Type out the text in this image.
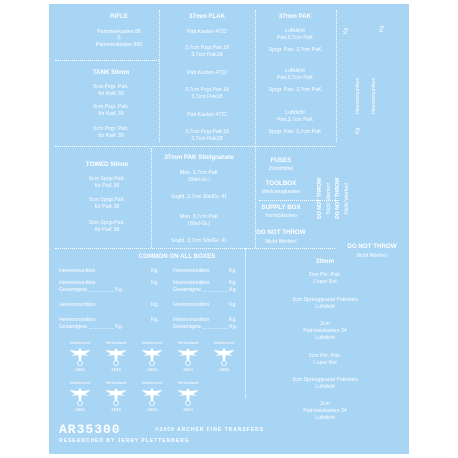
RIFLE
Patronenkasten 88
S
Patronenkasten 900
TANK 50mm
5cm Pzgr. Patr.
für KwK 39
5cm Pzgr. Patr.
für KwK 39
5cm Pzgr. Patr.
für KwK 39
37mm FLAK
Patr.Kasten 4722
3,7cm Pzgr.Patr.18
3,7cm Flak18
Patr.Kasten 4722
3,7cm Pzgr.Patr.18
3,7cm Flak18
Patr.Kasten 4722
3,7cm Pzgr.Patr.18
3,7cm Flak18
37mm PAK
Luftdicht
Patr.3,7cm PaK
Sprgr. Patr. 3,7cm PaK
Luftdicht
Patr.3,7cm PaK
Sprgr. Patr. 3,7cm PaK
Luftdicht
Patr.3,7cm PaK
Sprgr. Patr. 3,7cm PaK
Kg.
Heeresmunition
Kg.
Heeresmunition
Kg.
TOWED 50mm
5cm Sprgr.Patr.
für PaK 38
5cm Sprgr.Patr.
für PaK 38
5cm Sprgr.Patr.
für PaK 38
37mm PAK Stielgranate
Mun. 3,7cm PaK
(Stiel-Gr.)
Sogld. 3,7cm StielGr. 41
Mun. 3,7cm PaK
(Stiel-Gr.)
Sogld. 3,7cm StielGr. 41
FUSES
Zündmittel
TOOLBOX
Werkzeugkasten
SUPPLY BOX
Vorratskasten
DO NOT THROW
Nicht Werfen!
DO NOT THROW Nicht Werfen! DO NOT THROW Nicht Werfen!
DO NOT THROW
Nicht Werfen!
COMMON ON ALL BOXES
Heeresmunition	Kg.	Heeresmunition	Kg.
Heeresmunition	Kg.	Heeresmunition	Kg.
Gesamtgew. _ _ _ _ _ _ Kg.	Gesamtgew. _ _ _ _ _ _ Kg.
Heeresmunition	Kg.	Heeresmunition	Kg.
Heeresmunition	Kg.	Heeresmunition	Kg.
Gesamtgew. _ _ _ _ _ _ Kg.	Gesamtgew. _ _ _ _ _ _ Kg.
20mm
2cm Pzr.-Patr.
L'spur Rot
2cm Sprenggranat Patronen
Luftdicht
2cm
Patronenkasten 34
Luftdicht
2cm Pzr.-Patr.
L'spur Rot
2cm Sprenggranat Patronen
Luftdicht
2cm
Patronenkasten 34
Luftdicht
Wehrmacht
1941
Wehrmacht
1942
Wehrmacht
1943
Wehrmacht
1944
Wehrmacht
1945
Wehrmacht
1941
Wehrmacht
1942
Wehrmacht
1943
Wehrmacht
1944
AR35300	©2009 ARCHER FINE TRANSFERS
RESEARCHED BY JERRY PLETTENBERG
